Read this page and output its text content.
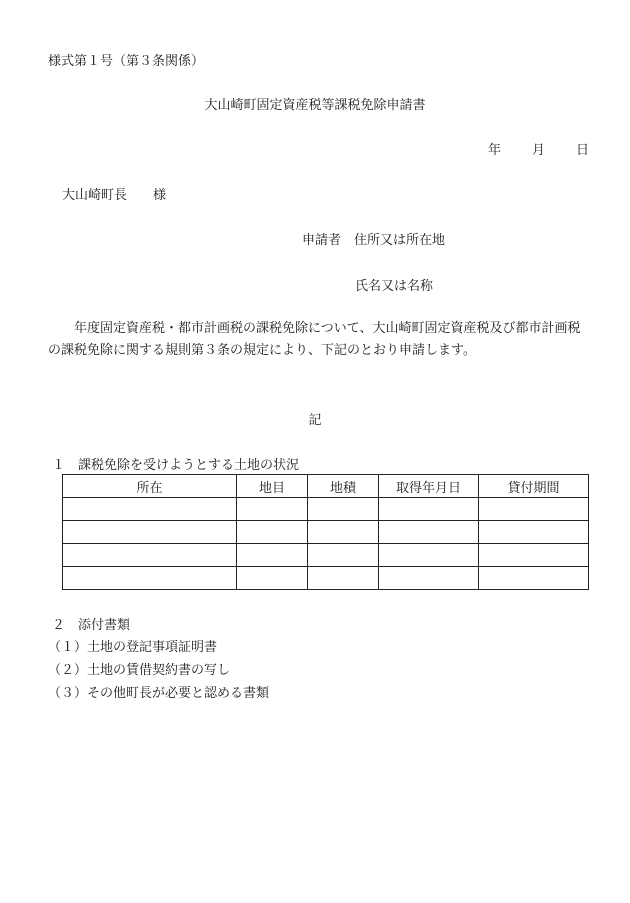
様式第１号（第３条関係）
大山崎町固定資産税等課税免除申請書
年 月 日
大山崎町長　　様
申請者　住所又は所在地
氏名又は名称
年度固定資産税・都市計画税の課税免除について、大山崎町固定資産税及び都市計画税の課税免除に関する規則第３条の規定により、下記のとおり申請します。
記
１　課税免除を受けようとする土地の状況
所在	地目	地積	取得年月日	貸付期間

２　添付書類
（１）土地の登記事項証明書
（２）土地の賃借契約書の写し
（３）その他町長が必要と認める書類
